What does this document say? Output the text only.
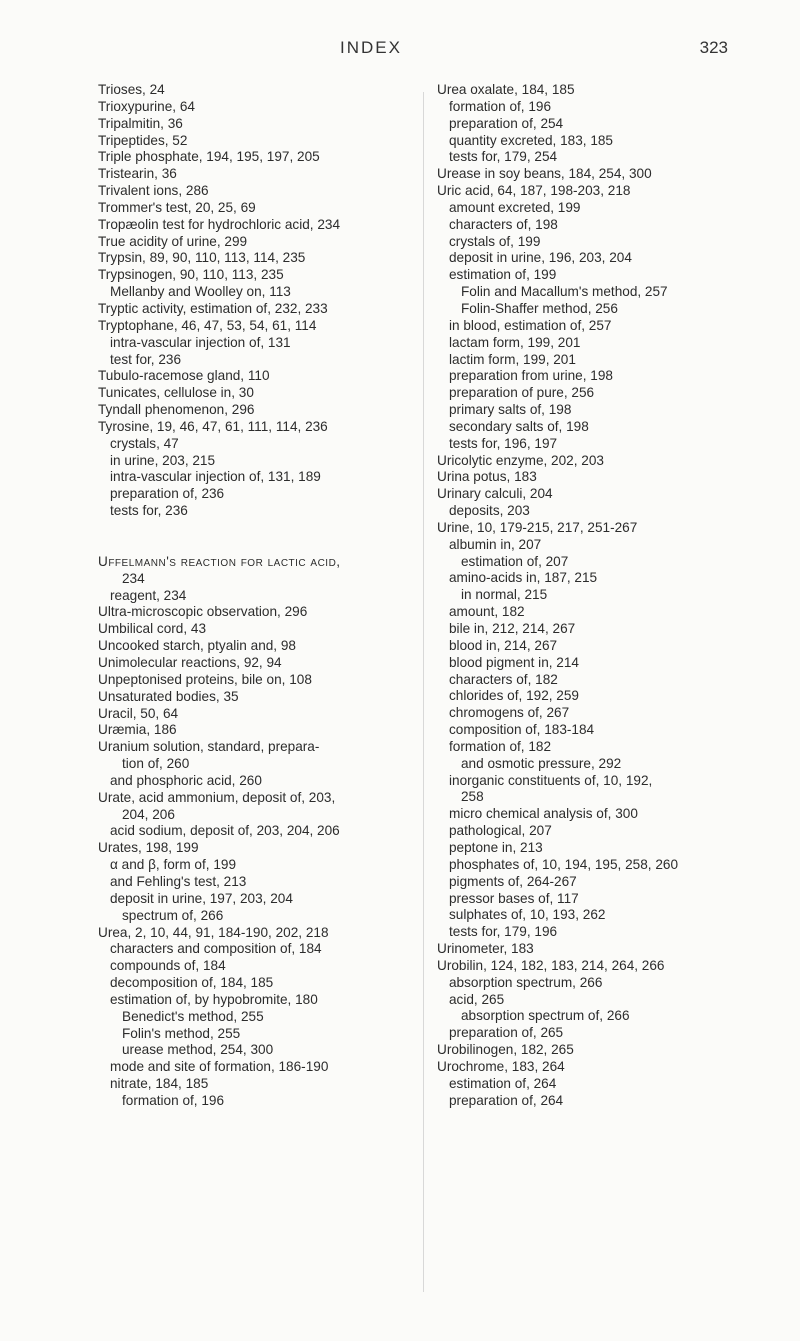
INDEX	323
Trioses, 24
Trioxypurine, 64
Tripalmitin, 36
Tripeptides, 52
Triple phosphate, 194, 195, 197, 205
Tristearin, 36
Trivalent ions, 286
Trommer's test, 20, 25, 69
Tropæolin test for hydrochloric acid, 234
True acidity of urine, 299
Trypsin, 89, 90, 110, 113, 114, 235
Trypsinogen, 90, 110, 113, 235
Mellanby and Woolley on, 113
Tryptic activity, estimation of, 232, 233
Tryptophane, 46, 47, 53, 54, 61, 114
intra-vascular injection of, 131
test for, 236
Tubulo-racemose gland, 110
Tunicates, cellulose in, 30
Tyndall phenomenon, 296
Tyrosine, 19, 46, 47, 61, 111, 114, 236
crystals, 47
in urine, 203, 215
intra-vascular injection of, 131, 189
preparation of, 236
tests for, 236
Uffelmann's reaction for lactic acid,
234
reagent, 234
Ultra-microscopic observation, 296
Umbilical cord, 43
Uncooked starch, ptyalin and, 98
Unimolecular reactions, 92, 94
Unpeptonised proteins, bile on, 108
Unsaturated bodies, 35
Uracil, 50, 64
Uræmia, 186
Uranium solution, standard, prepara-
tion of, 260
and phosphoric acid, 260
Urate, acid ammonium, deposit of, 203,
204, 206
acid sodium, deposit of, 203, 204, 206
Urates, 198, 199
α and β, form of, 199
and Fehling's test, 213
deposit in urine, 197, 203, 204
spectrum of, 266
Urea, 2, 10, 44, 91, 184-190, 202, 218
characters and composition of, 184
compounds of, 184
decomposition of, 184, 185
estimation of, by hypobromite, 180
Benedict's method, 255
Folin's method, 255
urease method, 254, 300
mode and site of formation, 186-190
nitrate, 184, 185
formation of, 196
Urea oxalate, 184, 185
formation of, 196
preparation of, 254
quantity excreted, 183, 185
tests for, 179, 254
Urease in soy beans, 184, 254, 300
Uric acid, 64, 187, 198-203, 218
amount excreted, 199
characters of, 198
crystals of, 199
deposit in urine, 196, 203, 204
estimation of, 199
Folin and Macallum's method, 257
Folin-Shaffer method, 256
in blood, estimation of, 257
lactam form, 199, 201
lactim form, 199, 201
preparation from urine, 198
preparation of pure, 256
primary salts of, 198
secondary salts of, 198
tests for, 196, 197
Uricolytic enzyme, 202, 203
Urina potus, 183
Urinary calculi, 204
deposits, 203
Urine, 10, 179-215, 217, 251-267
albumin in, 207
estimation of, 207
amino-acids in, 187, 215
in normal, 215
amount, 182
bile in, 212, 214, 267
blood in, 214, 267
blood pigment in, 214
characters of, 182
chlorides of, 192, 259
chromogens of, 267
composition of, 183-184
formation of, 182
and osmotic pressure, 292
inorganic constituents of, 10, 192,
258
micro chemical analysis of, 300
pathological, 207
peptone in, 213
phosphates of, 10, 194, 195, 258, 260
pigments of, 264-267
pressor bases of, 117
sulphates of, 10, 193, 262
tests for, 179, 196
Urinometer, 183
Urobilin, 124, 182, 183, 214, 264, 266
absorption spectrum, 266
acid, 265
absorption spectrum of, 266
preparation of, 265
Urobilinogen, 182, 265
Urochrome, 183, 264
estimation of, 264
preparation of, 264
